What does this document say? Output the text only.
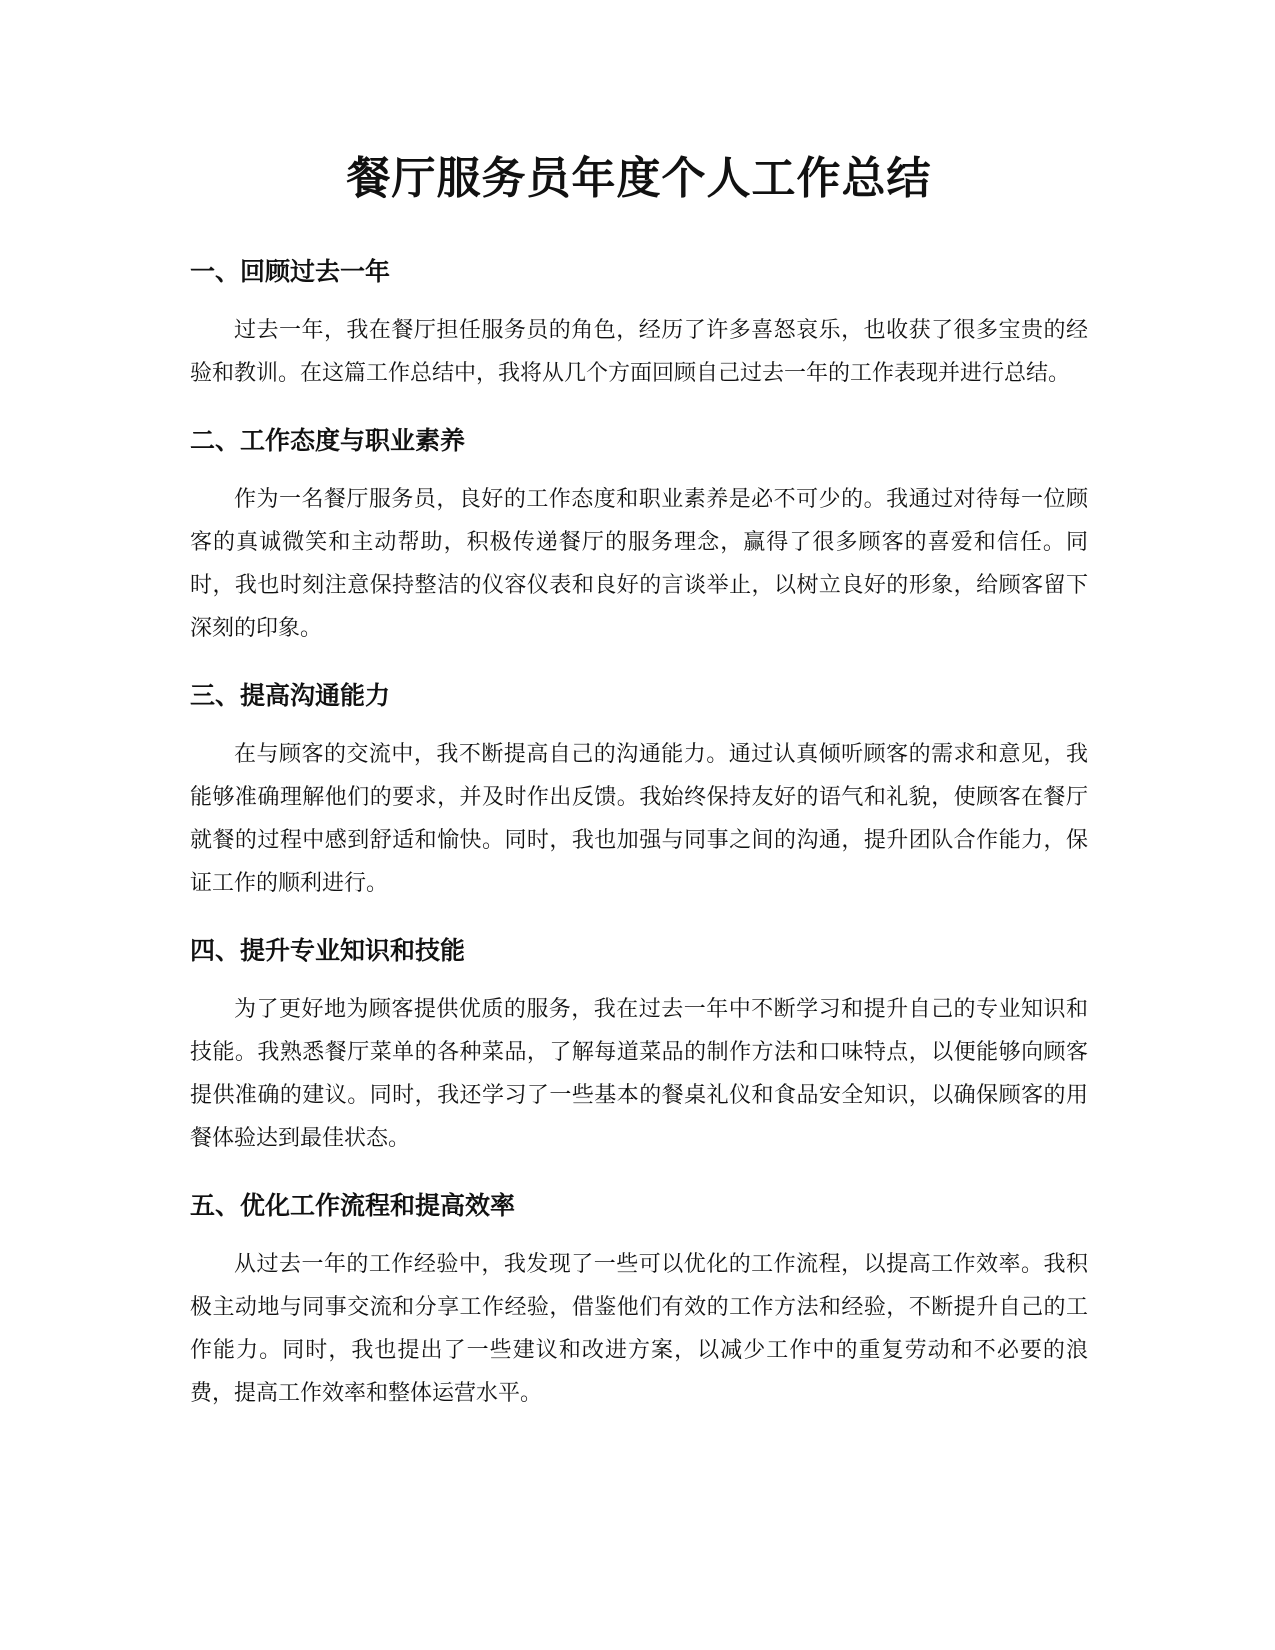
餐厅服务员年度个人工作总结
一、回顾过去一年

过去一年，我在餐厅担任服务员的角色，经历了许多喜怒哀乐，也收获了很多宝贵的经验和教训。在这篇工作总结中，我将从几个方面回顾自己过去一年的工作表现并进行总结。

二、工作态度与职业素养

作为一名餐厅服务员，良好的工作态度和职业素养是必不可少的。我通过对待每一位顾客的真诚微笑和主动帮助，积极传递餐厅的服务理念，赢得了很多顾客的喜爱和信任。同时，我也时刻注意保持整洁的仪容仪表和良好的言谈举止，以树立良好的形象，给顾客留下深刻的印象。

三、提高沟通能力

在与顾客的交流中，我不断提高自己的沟通能力。通过认真倾听顾客的需求和意见，我能够准确理解他们的要求，并及时作出反馈。我始终保持友好的语气和礼貌，使顾客在餐厅就餐的过程中感到舒适和愉快。同时，我也加强与同事之间的沟通，提升团队合作能力，保证工作的顺利进行。

四、提升专业知识和技能

为了更好地为顾客提供优质的服务，我在过去一年中不断学习和提升自己的专业知识和技能。我熟悉餐厅菜单的各种菜品，了解每道菜品的制作方法和口味特点，以便能够向顾客提供准确的建议。同时，我还学习了一些基本的餐桌礼仪和食品安全知识，以确保顾客的用餐体验达到最佳状态。

五、优化工作流程和提高效率

从过去一年的工作经验中，我发现了一些可以优化的工作流程，以提高工作效率。我积极主动地与同事交流和分享工作经验，借鉴他们有效的工作方法和经验，不断提升自己的工作能力。同时，我也提出了一些建议和改进方案，以减少工作中的重复劳动和不必要的浪费，提高工作效率和整体运营水平。
